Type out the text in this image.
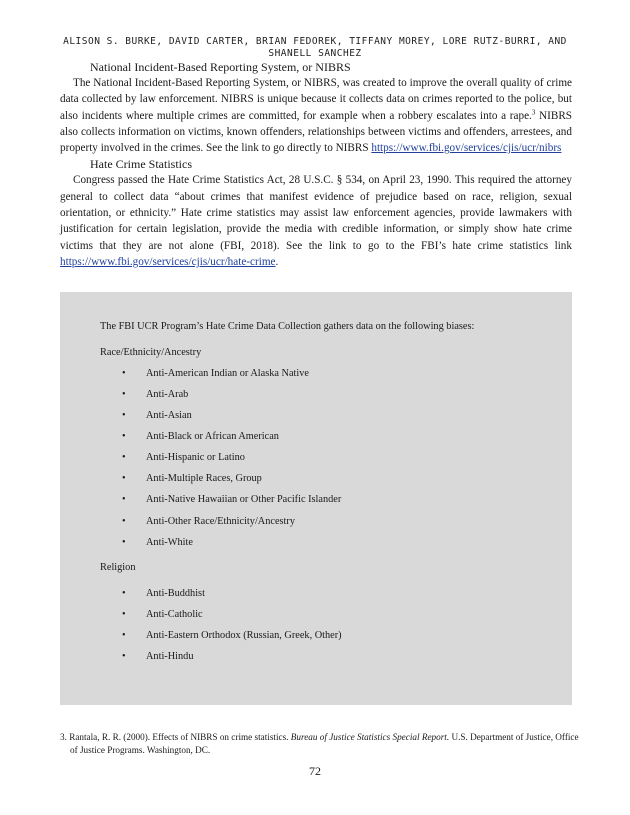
ALISON S. BURKE, DAVID CARTER, BRIAN FEDOREK, TIFFANY MOREY, LORE RUTZ-BURRI, AND SHANELL SANCHEZ
National Incident-Based Reporting System, or NIBRS

The National Incident-Based Reporting System, or NIBRS, was created to improve the overall quality of crime data collected by law enforcement. NIBRS is unique because it collects data on crimes reported to the police, but also incidents where multiple crimes are committed, for example when a robbery escalates into a rape.$^3$ NIBRS also collects information on victims, known offenders, relationships between victims and offenders, arrestees, and property involved in the crimes. See the link to go directly to NIBRS https://www.fbi.gov/services/cjis/ucr/nibrs

Hate Crime Statistics

Congress passed the Hate Crime Statistics Act, 28 U.S.C. § 534, on April 23, 1990. This required the attorney general to collect data “about crimes that manifest evidence of prejudice based on race, religion, sexual orientation, or ethnicity.” Hate crime statistics may assist law enforcement agencies, provide lawmakers with justification for certain legislation, provide the media with credible information, or simply show hate crime victims that they are not alone (FBI, 2018). See the link to go to the FBI’s hate crime statistics link https://www.fbi.gov/services/cjis/ucr/hate-crime.

The FBI UCR Program’s Hate Crime Data Collection gathers data on the following biases:

Race/Ethnicity/Ancestry

• Anti-American Indian or Alaska Native
• Anti-Arab
• Anti-Asian
• Anti-Black or African American
• Anti-Hispanic or Latino
• Anti-Multiple Races, Group
• Anti-Native Hawaiian or Other Pacific Islander
• Anti-Other Race/Ethnicity/Ancestry
• Anti-White

Religion

• Anti-Buddhist
• Anti-Catholic
• Anti-Eastern Orthodox (Russian, Greek, Other)
• Anti-Hindu
3. Rantala, R. R. (2000). Effects of NIBRS on crime statistics. Bureau of Justice Statistics Special Report. U.S. Department of Justice, Office of Justice Programs. Washington, DC.
72
